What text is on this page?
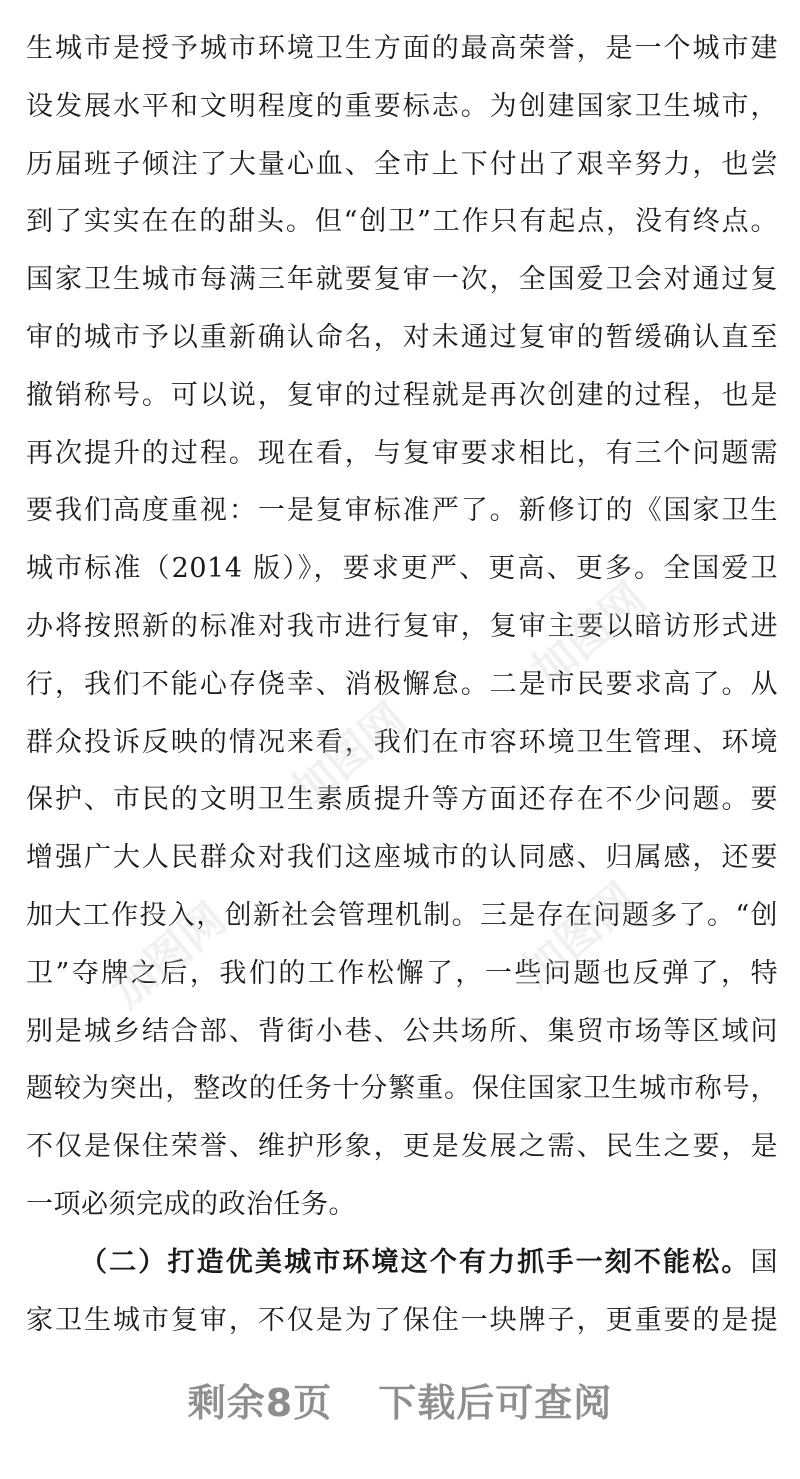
生城市是授予城市环境卫生方面的最高荣誉，是一个城市建
设发展水平和文明程度的重要标志。为创建国家卫生城市，
历届班子倾注了大量心血、全市上下付出了艰辛努力，也尝
到了实实在在的甜头。但“创卫”工作只有起点，没有终点。
国家卫生城市每满三年就要复审一次，全国爱卫会对通过复
审的城市予以重新确认命名，对未通过复审的暂缓确认直至
撤销称号。可以说，复审的过程就是再次创建的过程，也是
再次提升的过程。现在看，与复审要求相比，有三个问题需
要我们高度重视：一是复审标准严了。新修订的《国家卫生
城市标准（2014 版）》，要求更严、更高、更多。全国爱卫
办将按照新的标准对我市进行复审，复审主要以暗访形式进
行，我们不能心存侥幸、消极懈怠。二是市民要求高了。从
群众投诉反映的情况来看，我们在市容环境卫生管理、环境
保护、市民的文明卫生素质提升等方面还存在不少问题。要
增强广大人民群众对我们这座城市的认同感、归属感，还要
加大工作投入，创新社会管理机制。三是存在问题多了。“创
卫”夺牌之后，我们的工作松懈了，一些问题也反弹了，特
别是城乡结合部、背街小巷、公共场所、集贸市场等区域问
题较为突出，整改的任务十分繁重。保住国家卫生城市称号，
不仅是保住荣誉、维护形象，更是发展之需、民生之要，是
一项必须完成的政治任务。
（二）打造优美城市环境这个有力抓手一刻不能松。国
家卫生城市复审，不仅是为了保住一块牌子，更重要的是提
加图网
加图网
加图网
加图网
剩余8页 下载后可查阅
